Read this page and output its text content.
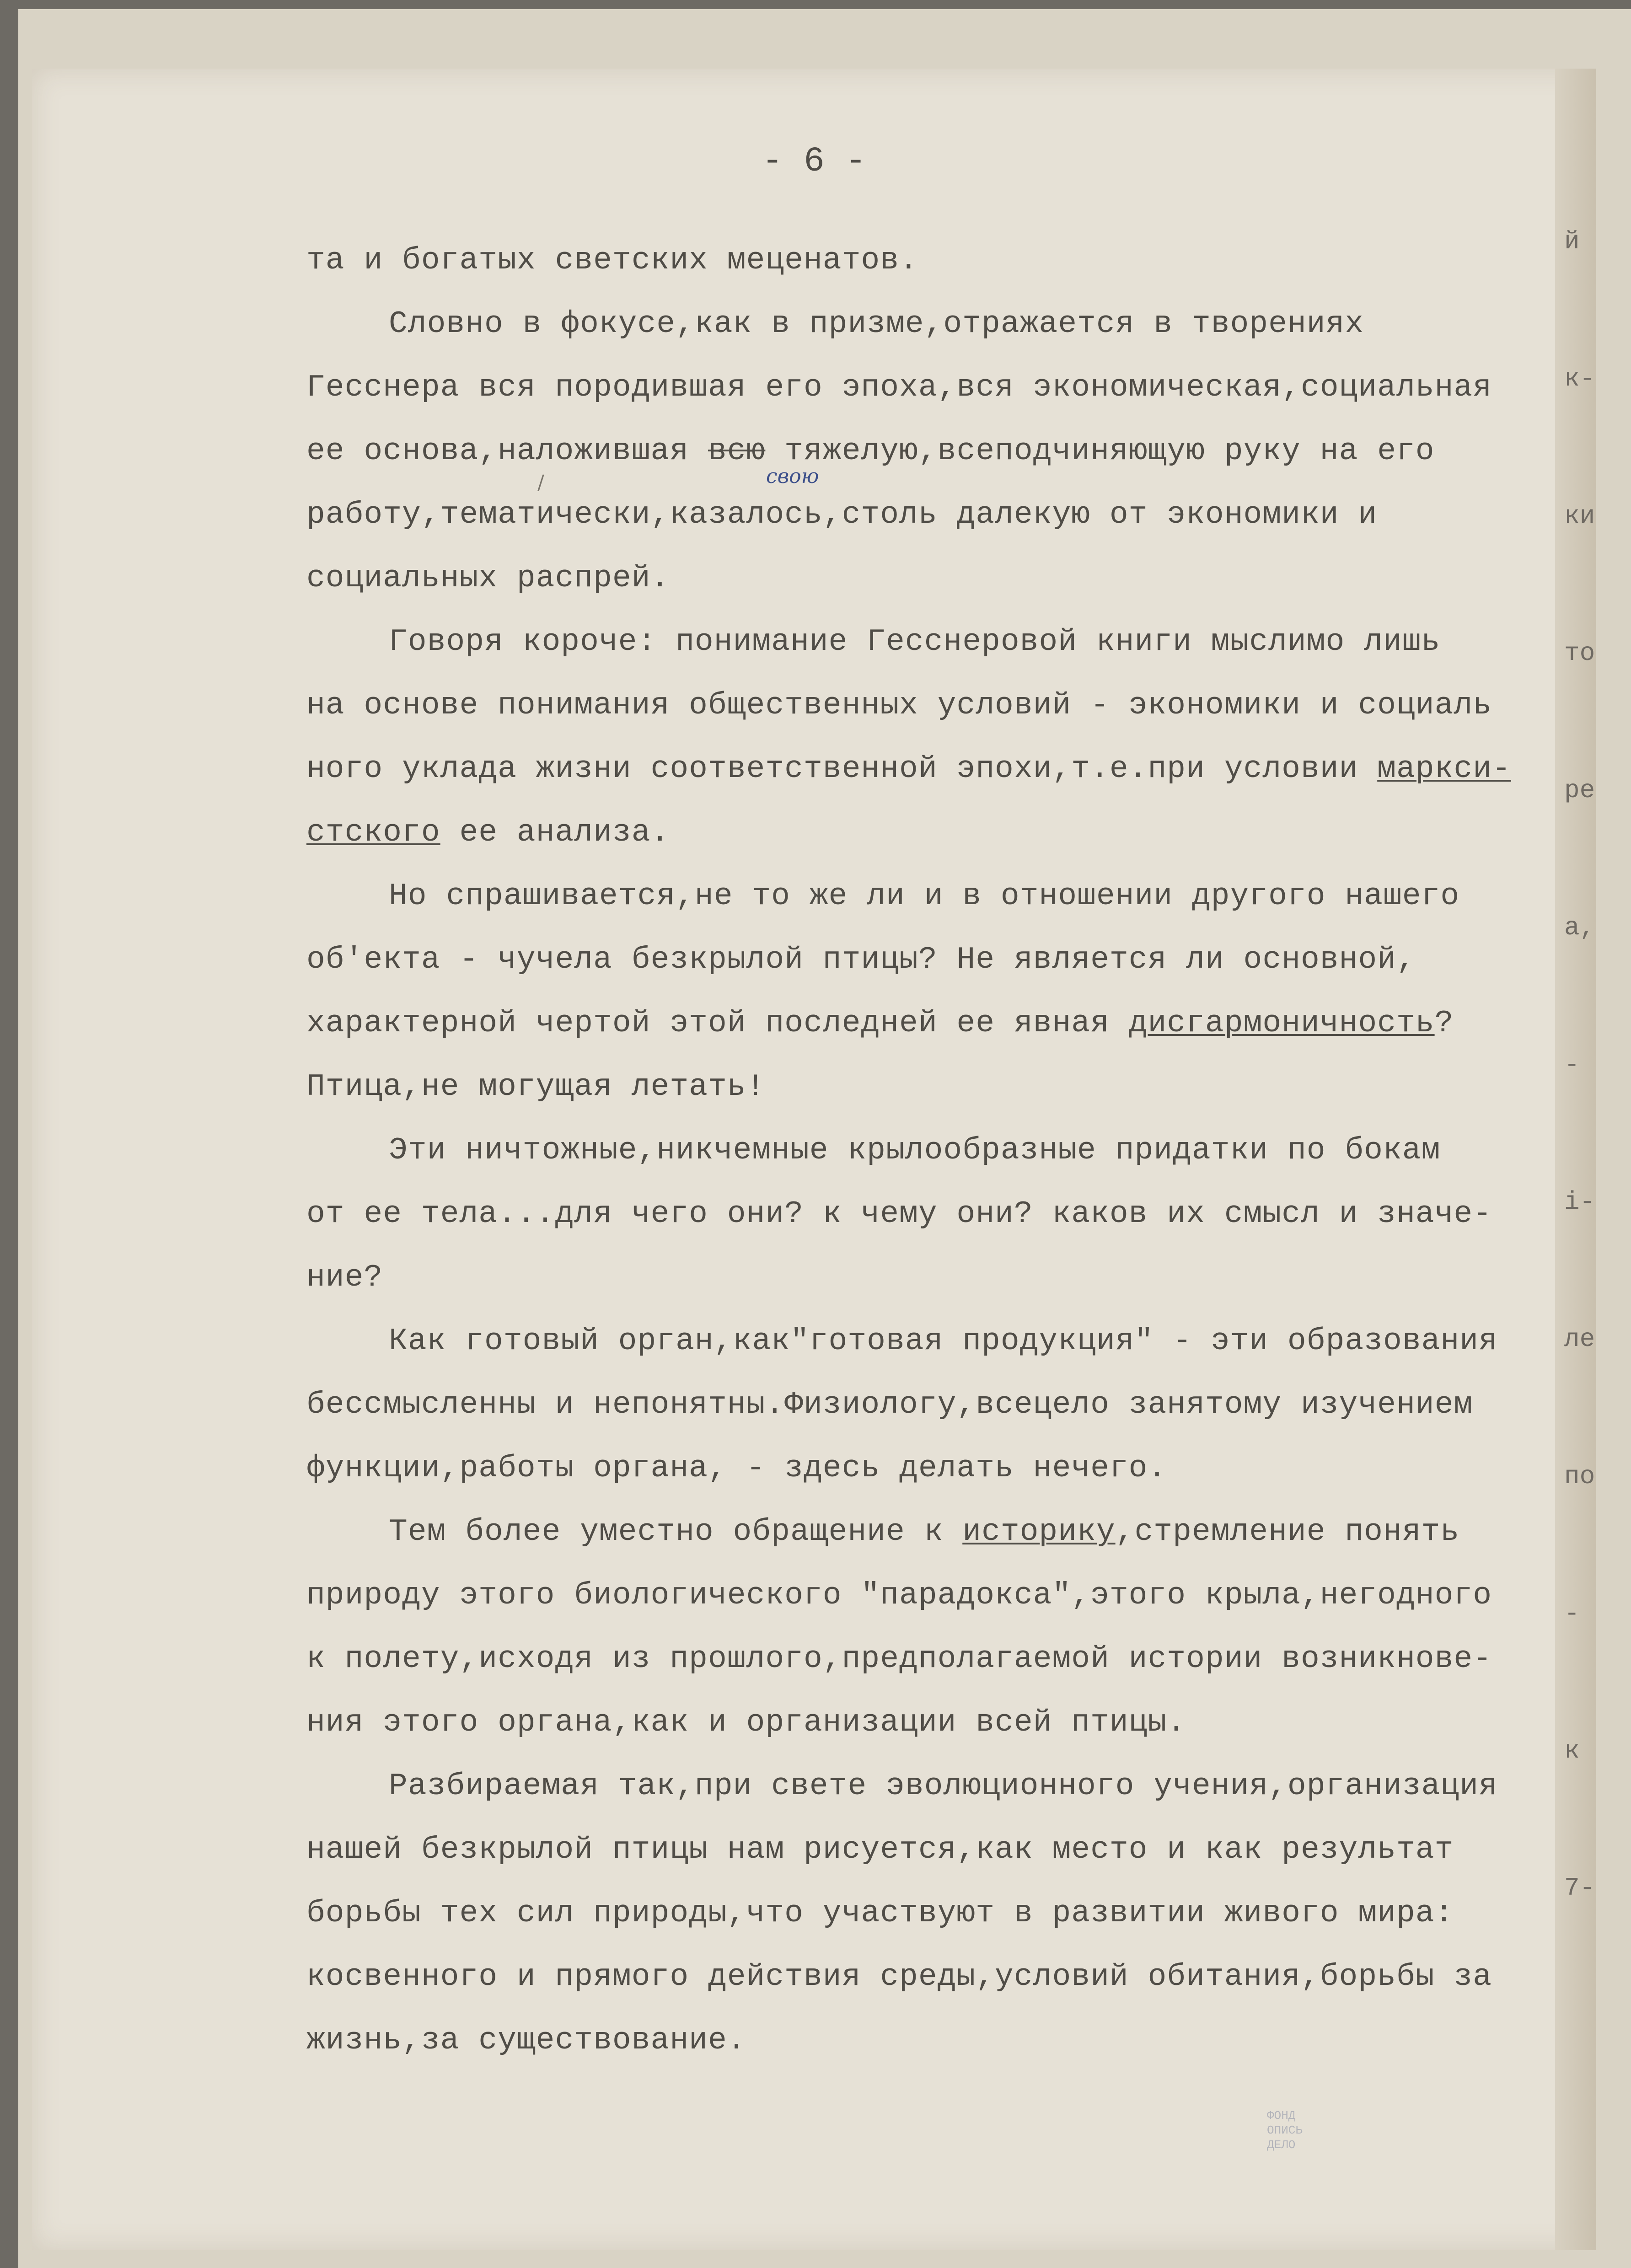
й
к-
ки
то
ре
а,
-
і-
ле
по
-
к
7-
- 6 -
/	свою
та и богатых светских меценатов.
Словно в фокусе,как в призме,отражается в творениях
Гесснера вся породившая его эпоха,вся экономическая,социальная
ее основа,наложившая всю тяжелую,всеподчиняющую руку на его
работу,тематически,казалось,столь далекую от экономики и
социальных распрей.
Говоря короче: понимание Гесснеровой книги мыслимо лишь
на основе понимания общественных условий - экономики и социаль
ного уклада жизни соответственной эпохи,т.е.при условии маркси-
стского ее анализа.
Но спрашивается,не то же ли и в отношении другого нашего
об'екта - чучела безкрылой птицы? Не является ли основной,
характерной чертой этой последней ее явная дисгармоничность?
Птица,не могущая летать!
Эти ничтожные,никчемные крылообразные придатки по бокам
от ее тела...для чего они? к чему они? каков их смысл и значе-
ние?
Как готовый орган,как"готовая продукция" - эти образования
бессмысленны и непонятны.Физиологу,всецело занятому изучением
функции,работы органа, - здесь делать нечего.
Тем более уместно обращение к историку,стремление понять
природу этого биологического "парадокса",этого крыла,негодного
к полету,исходя из прошлого,предполагаемой истории возникнове-
ния этого органа,как и организации всей птицы.
Разбираемая так,при свете эволюционного учения,организация
нашей безкрылой птицы нам рисуется,как место и как результат
борьбы тех сил природы,что участвуют в развитии живого мира:
косвенного и прямого действия среды,условий обитания,борьбы за
жизнь,за существование.
ФОНД
ОПИСЬ
ДЕЛО
